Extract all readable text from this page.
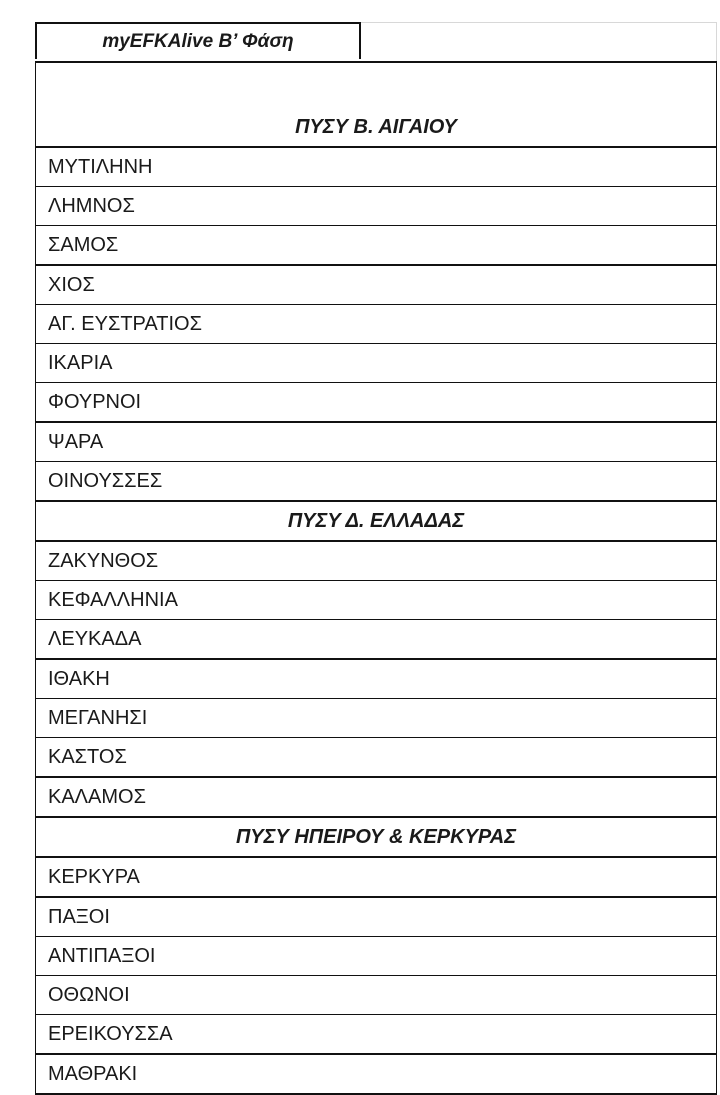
myEFKAlive B’ Φάση
ΠΥΣΥ Β. ΑΙΓΑΙΟΥ
ΜΥΤΙΛΗΝΗ
ΛΗΜΝΟΣ
ΣΑΜΟΣ
ΧΙΟΣ
ΑΓ. ΕΥΣΤΡΑΤΙΟΣ
ΙΚΑΡΙΑ
ΦΟΥΡΝΟΙ
ΨΑΡΑ
ΟΙΝΟΥΣΣΕΣ
ΠΥΣΥ Δ. ΕΛΛΑΔΑΣ
ΖΑΚΥΝΘΟΣ
ΚΕΦΑΛΛΗΝΙΑ
ΛΕΥΚΑΔΑ
ΙΘΑΚΗ
ΜΕΓΑΝΗΣΙ
ΚΑΣΤΟΣ
ΚΑΛΑΜΟΣ
ΠΥΣΥ ΗΠΕΙΡΟΥ & ΚΕΡΚΥΡΑΣ
ΚΕΡΚΥΡΑ
ΠΑΞΟΙ
ΑΝΤΙΠΑΞΟΙ
ΟΘΩΝΟΙ
ΕΡΕΙΚΟΥΣΣΑ
ΜΑΘΡΑΚΙ
